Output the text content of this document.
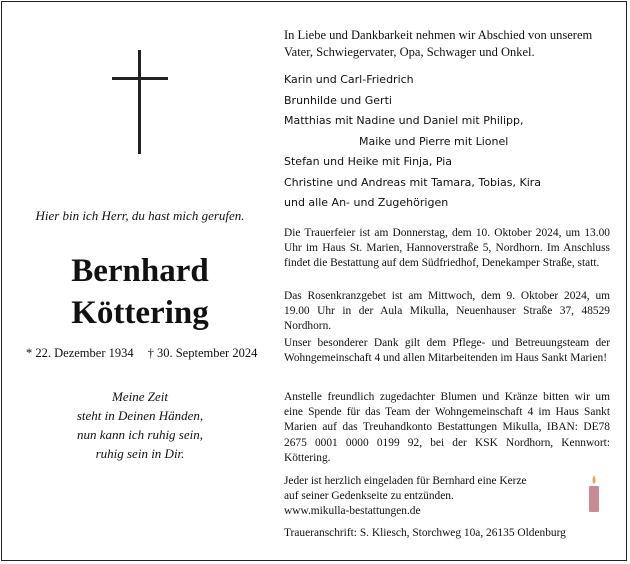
Hier bin ich Herr, du hast mich gerufen.
Bernhard
Köttering
* 22. Dezember 1934 † 30. September 2024
Meine Zeit
steht in Deinen Händen,
nun kann ich ruhig sein,
ruhig sein in Dir.
In Liebe und Dankbarkeit nehmen wir Abschied von unserem Vater, Schwiegervater, Opa, Schwager und Onkel.
Karin und Carl-Friedrich
Brunhilde und Gerti
Matthias mit Nadine und Daniel mit Philipp,
Maike und Pierre mit Lionel
Stefan und Heike mit Finja, Pia
Christine und Andreas mit Tamara, Tobias, Kira
und alle An- und Zugehörigen
Die Trauerfeier ist am Donnerstag, dem 10. Oktober 2024, um 13.00 Uhr im Haus St. Marien, Hannoverstraße 5, Nordhorn. Im Anschluss findet die Bestattung auf dem Südfriedhof, Denekamper Straße, statt.
Das Rosenkranzgebet ist am Mittwoch, dem 9. Oktober 2024, um 19.00 Uhr in der Aula Mikulla, Neuenhauser Straße 37, 48529 Nordhorn.
Unser besonderer Dank gilt dem Pflege- und Betreuungsteam der Wohngemeinschaft 4 und allen Mitarbeitenden im Haus Sankt Marien!
Anstelle freundlich zugedachter Blumen und Kränze bitten wir um eine Spende für das Team der Wohngemeinschaft 4 im Haus Sankt Marien auf das Treuhandkonto Bestattungen Mikulla, IBAN: DE78 2675 0001 0000 0199 92, bei der KSK Nordhorn, Kennwort: Köttering.
Jeder ist herzlich eingeladen für Bernhard eine Kerze
auf seiner Gedenkseite zu entzünden.
www.mikulla-bestattungen.de
Traueranschrift: S. Kliesch, Storchweg 10a, 26135 Oldenburg
